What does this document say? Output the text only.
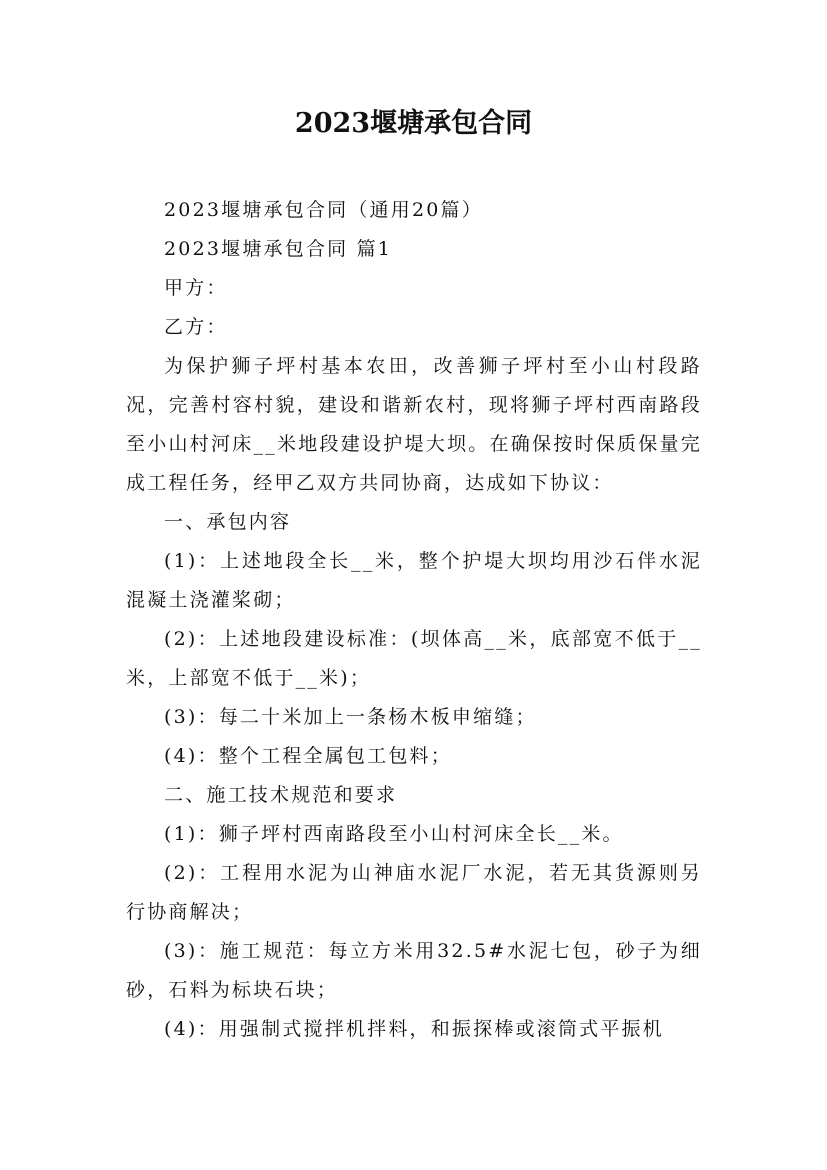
2023堰塘承包合同

2023堰塘承包合同（通用20篇）

2023堰塘承包合同 篇1

甲方：

乙方：

为保护狮子坪村基本农田，改善狮子坪村至小山村段路况，完善村容村貌，建设和谐新农村，现将狮子坪村西南路段至小山村河床__米地段建设护堤大坝。在确保按时保质保量完成工程任务，经甲乙双方共同协商，达成如下协议：

一、承包内容

(1)：上述地段全长__米，整个护堤大坝均用沙石伴水泥混凝土浇灌桨砌；

(2)：上述地段建设标准：(坝体高__米，底部宽不低于__米，上部宽不低于__米)；

(3)：每二十米加上一条杨木板申缩缝；

(4)：整个工程全属包工包料；

二、施工技术规范和要求

(1)：狮子坪村西南路段至小山村河床全长__米。

(2)：工程用水泥为山神庙水泥厂水泥，若无其货源则另行协商解决；

(3)：施工规范：每立方米用32.5#水泥七包，砂子为细砂，石料为标块石块；

(4)：用强制式搅拌机拌料，和振探棒或滚筒式平振机
